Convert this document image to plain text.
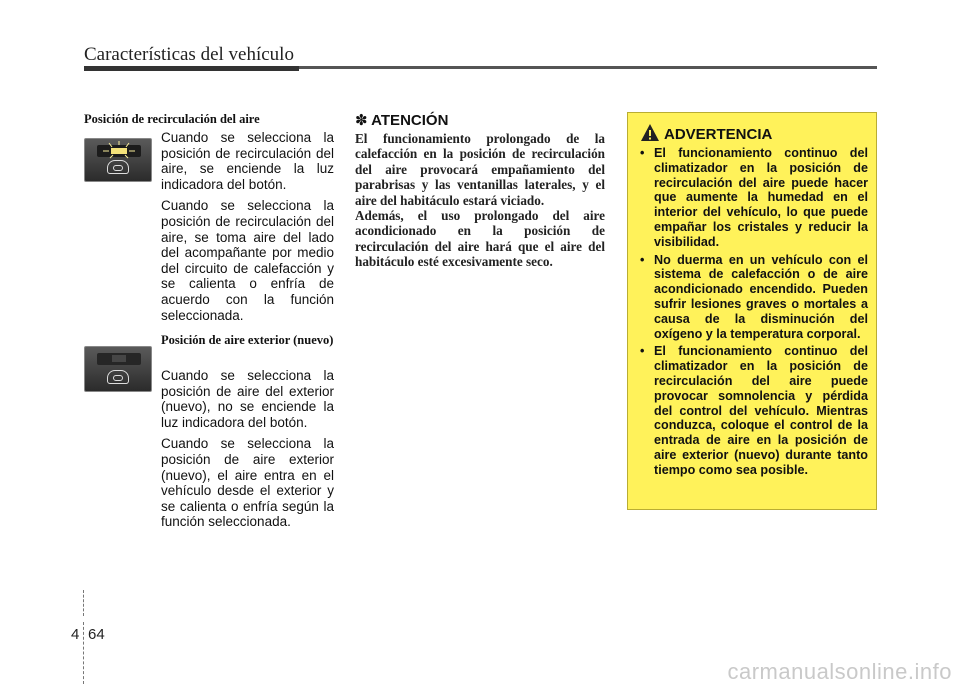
Características del vehículo
Posición de recirculación del aire

Cuando se selecciona la posición de recirculación del aire, se enciende la luz indicadora del botón.

Cuando se selecciona la posición de recirculación del aire, se toma aire del lado del acompañante por medio del circuito de calefacción y se calienta o enfría de acuerdo con la función seleccionada.

Posición de aire exterior (nuevo)

Cuando se selecciona la posición de aire del exterior (nuevo), no se enciende la luz indicadora del botón.

Cuando se selecciona la posición de aire exterior (nuevo), el aire entra en el vehículo desde el exterior y se calienta o enfría según la función seleccionada.

✽ ATENCIÓN
El funcionamiento prolongado de la calefacción en la posición de recirculación del aire provocará empañamiento del parabrisas y las ventanillas laterales, y el aire del habitáculo estará viciado.
Además, el uso prolongado del aire acondicionado en la posición de recirculación del aire hará que el aire del habitáculo esté excesivamente seco.
ADVERTENCIA
• El funcionamiento continuo del climatizador en la posición de recirculación del aire puede hacer que aumente la humedad en el interior del vehículo, lo que puede empañar los cristales y reducir la visibilidad.
• No duerma en un vehículo con el sistema de calefacción o de aire acondicionado encendido. Pueden sufrir lesiones graves o mortales a causa de la disminución del oxígeno y la temperatura corporal.
• El funcionamiento continuo del climatizador en la posición de recirculación del aire puede provocar somnolencia y pérdida del control del vehículo. Mientras conduzca, coloque el control de la entrada de aire en la posición de aire exterior (nuevo) durante tanto tiempo como sea posible.
4 64
carmanualsonline.info
